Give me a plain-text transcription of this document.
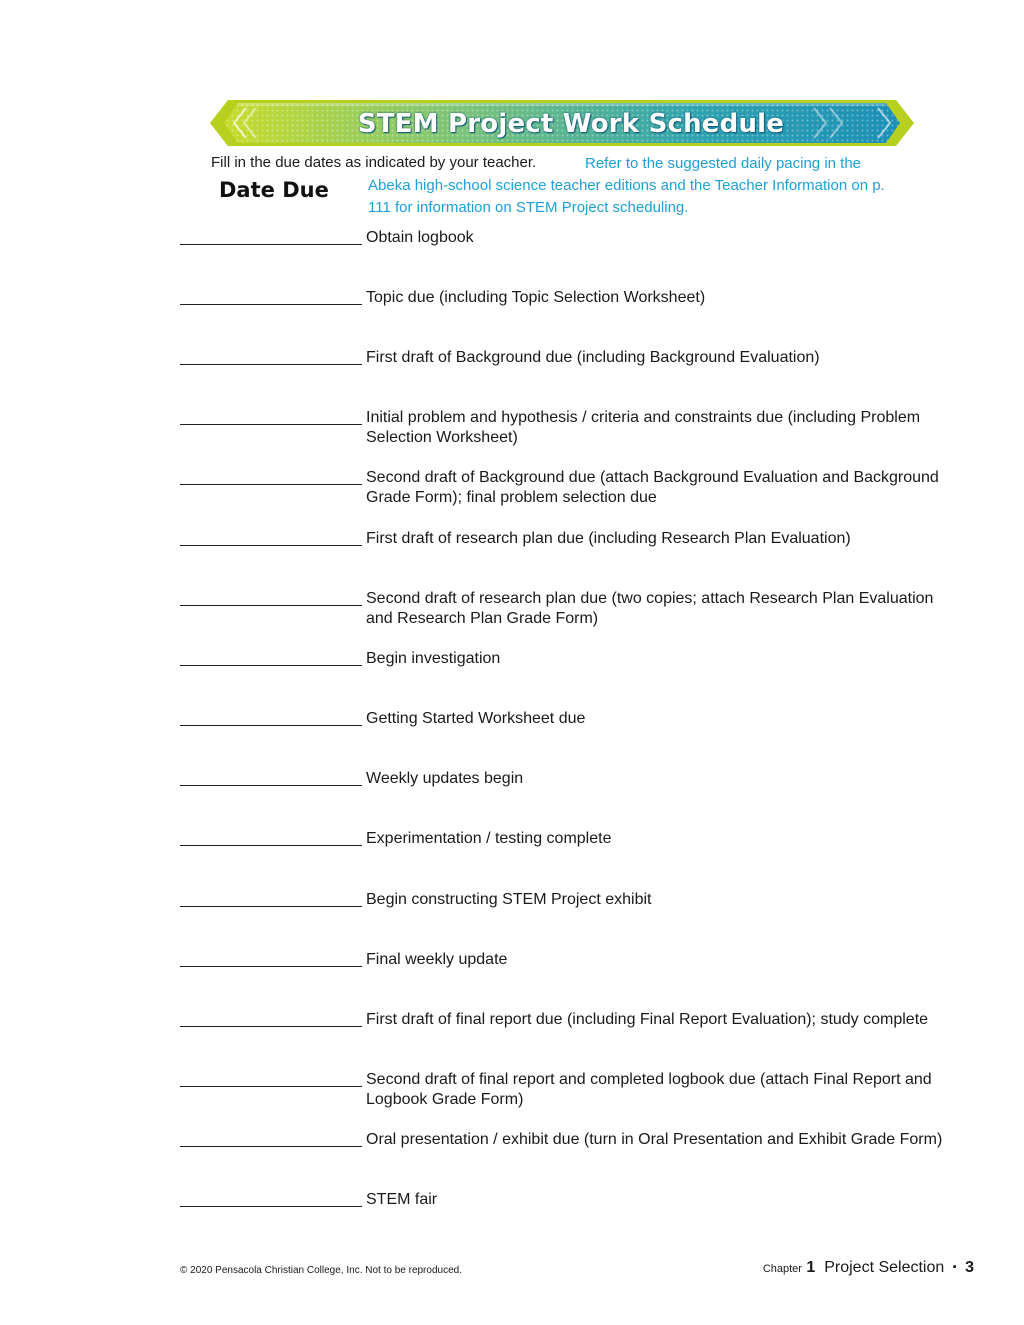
STEM Project Work Schedule
Fill in the due dates as indicated by your teacher.	Refer to the suggested daily pacing in the Abeka high-school science teacher editions and the Teacher Information on p. 111 for information on STEM Project scheduling.
Date Due
Obtain logbook
Topic due (including Topic Selection Worksheet)
First draft of Background due (including Background Evaluation)
Initial problem and hypothesis / criteria and constraints due (including Problem Selection Worksheet)
Second draft of Background due (attach Background Evaluation and Background Grade Form); final problem selection due
First draft of research plan due (including Research Plan Evaluation)
Second draft of research plan due (two copies; attach Research Plan Evaluation and Research Plan Grade Form)
Begin investigation
Getting Started Worksheet due
Weekly updates begin
Experimentation / testing complete
Begin constructing STEM Project exhibit
Final weekly update
First draft of final report due (including Final Report Evaluation); study complete
Second draft of final report and completed logbook due (attach Final Report and Logbook Grade Form)
Oral presentation / exhibit due (turn in Oral Presentation and Exhibit Grade Form)
STEM fair
© 2020 Pensacola Christian College, Inc. Not to be reproduced.	Chapter 1 Project Selection ▪ 3
